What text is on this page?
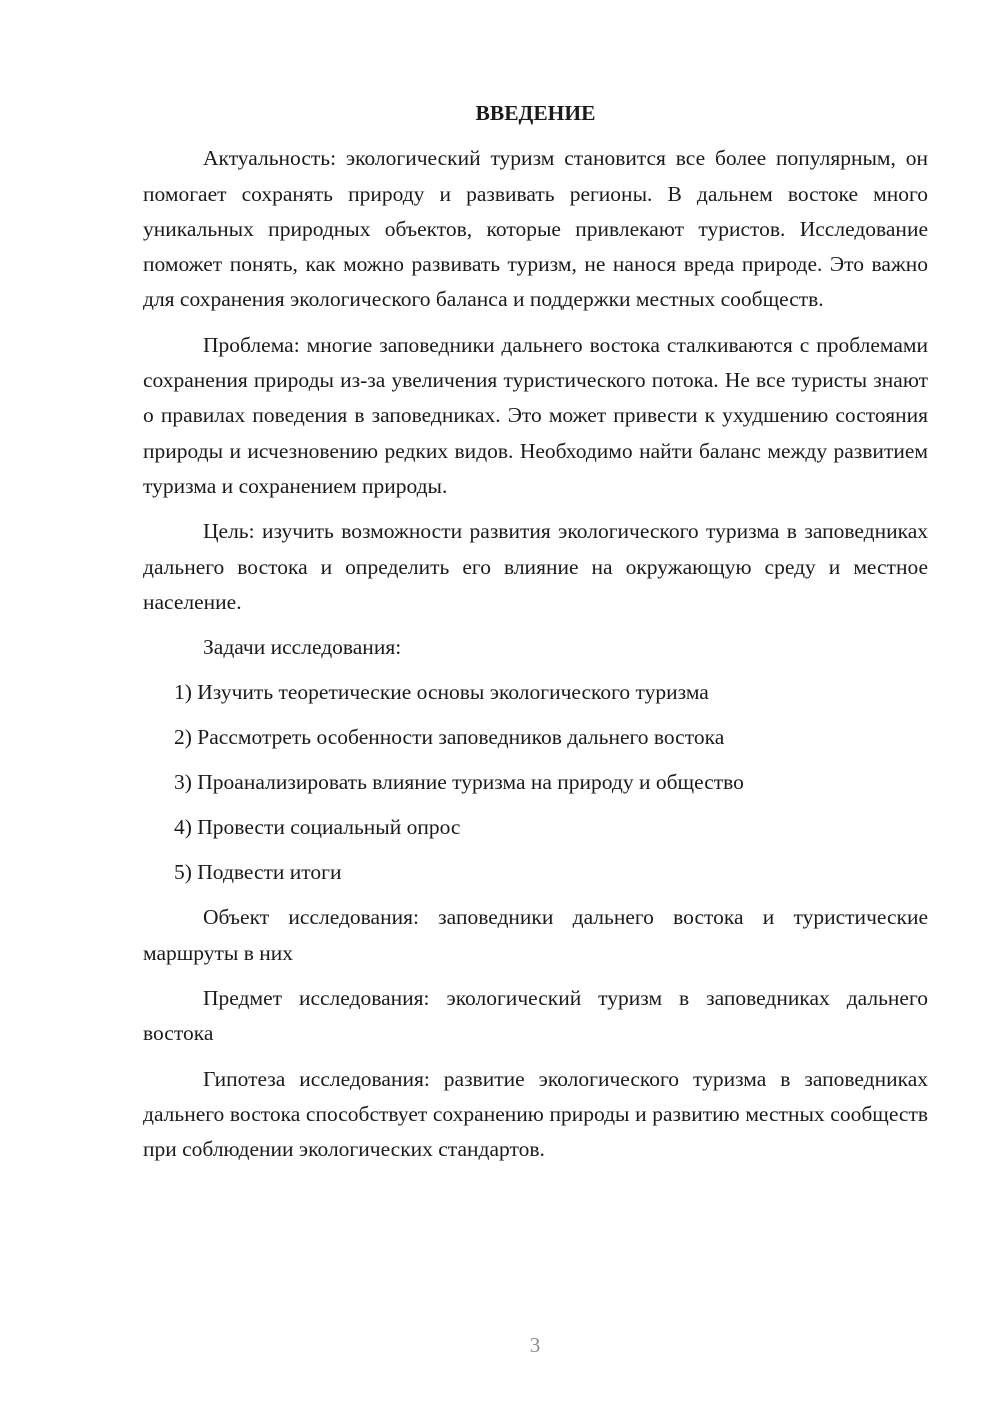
ВВЕДЕНИЕ

Актуальность: экологический туризм становится все более популярным, он помогает сохранять природу и развивать регионы. В дальнем востоке много уникальных природных объектов, которые привлекают туристов. Исследование поможет понять, как можно развивать туризм, не нанося вреда природе. Это важно для сохранения экологического баланса и поддержки местных сообществ.

Проблема: многие заповедники дальнего востока сталкиваются с проблемами сохранения природы из-за увеличения туристического потока. Не все туристы знают о правилах поведения в заповедниках. Это может привести к ухудшению состояния природы и исчезновению редких видов. Необходимо найти баланс между развитием туризма и сохранением природы.

Цель: изучить возможности развития экологического туризма в заповедниках дальнего востока и определить его влияние на окружающую среду и местное население.

Задачи исследования:

1) Изучить теоретические основы экологического туризма
2) Рассмотреть особенности заповедников дальнего востока
3) Проанализировать влияние туризма на природу и общество
4) Провести социальный опрос
5) Подвести итоги

Объект исследования: заповедники дальнего востока и туристические маршруты в них

Предмет исследования: экологический туризм в заповедниках дальнего востока

Гипотеза исследования: развитие экологического туризма в заповедниках дальнего востока способствует сохранению природы и развитию местных сообществ при соблюдении экологических стандартов.

3
